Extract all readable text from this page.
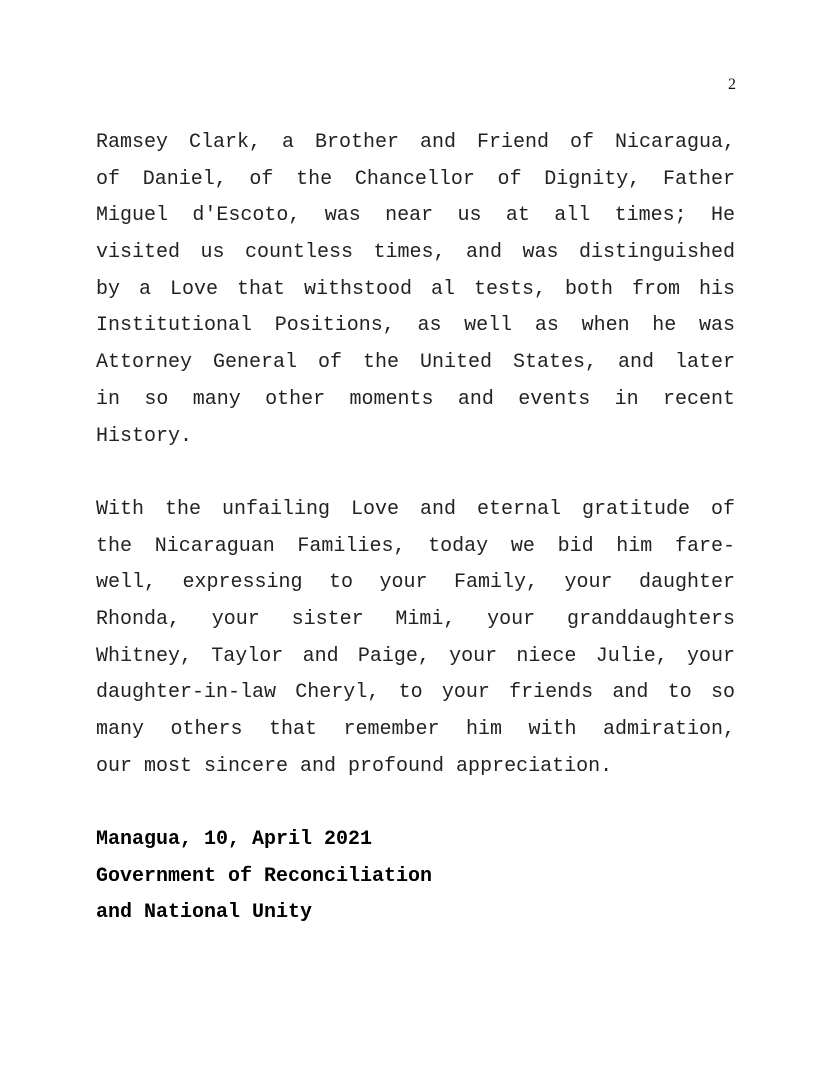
2
Ramsey Clark, a Brother and Friend of Nicaragua,
of Daniel, of the Chancellor of Dignity, Father
Miguel d'Escoto, was near us at all times; He
visited us countless times, and was distinguished
by a Love that withstood al tests, both from his
Institutional Positions, as well as when he was
Attorney General of the United States, and later
in so many other moments and events in recent
History.
With the unfailing Love and eternal gratitude of
the Nicaraguan Families, today we bid him fare-
well, expressing to your Family, your daughter
Rhonda, your sister Mimi, your granddaughters
Whitney, Taylor and Paige, your niece Julie, your
daughter-in-law Cheryl, to your friends and to so
many others that remember him with admiration,
our most sincere and profound appreciation.
Managua, 10, April 2021
Government of Reconciliation
and National Unity
